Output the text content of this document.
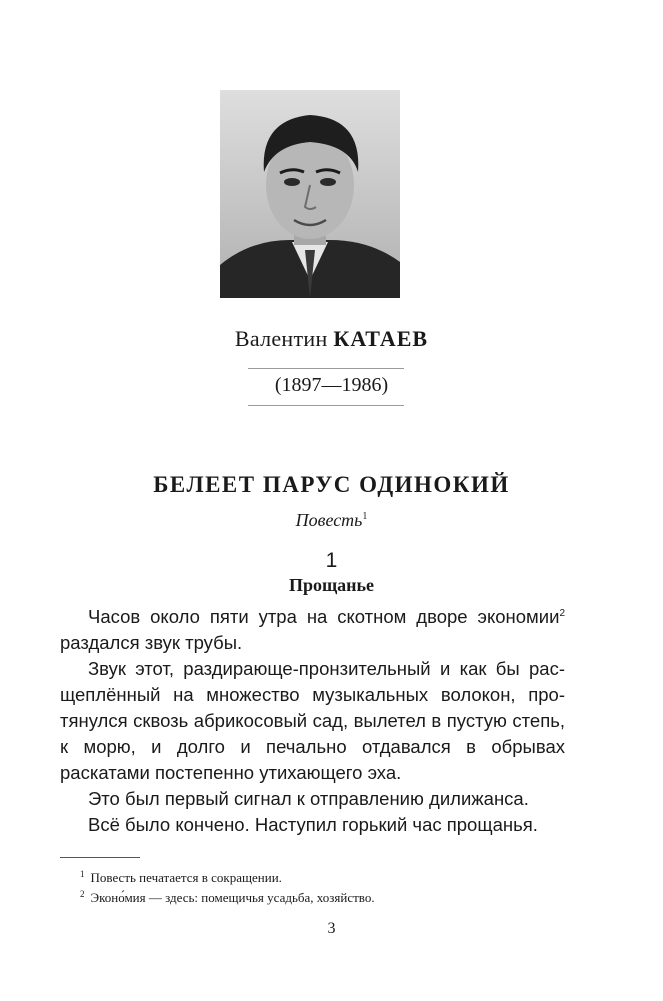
Валентин КАТАЕВ
(1897—1986)
БЕЛЕЕТ ПАРУС ОДИНОКИЙ
Повесть$^1$
1
Прощанье

Часов около пяти утра на скотном дворе экономии$^2$ раздался звук трубы.

Звук этот, раздирающе-пронзительный и как бы расщеплённый на множество музыкальных волокон, протянулся сквозь абрикосовый сад, вылетел в пустую степь, к морю, и долго и печально отдавался в обрывах раскатами постепенно утихающего эха.

Это был первый сигнал к отправлению дилижанса.

Всё было кончено. Наступил горький час прощанья.

$^1$ Повесть печатается в сокращении.

$^2$ Эконо́мия — здесь: помещичья усадьба, хозяйство.

3
